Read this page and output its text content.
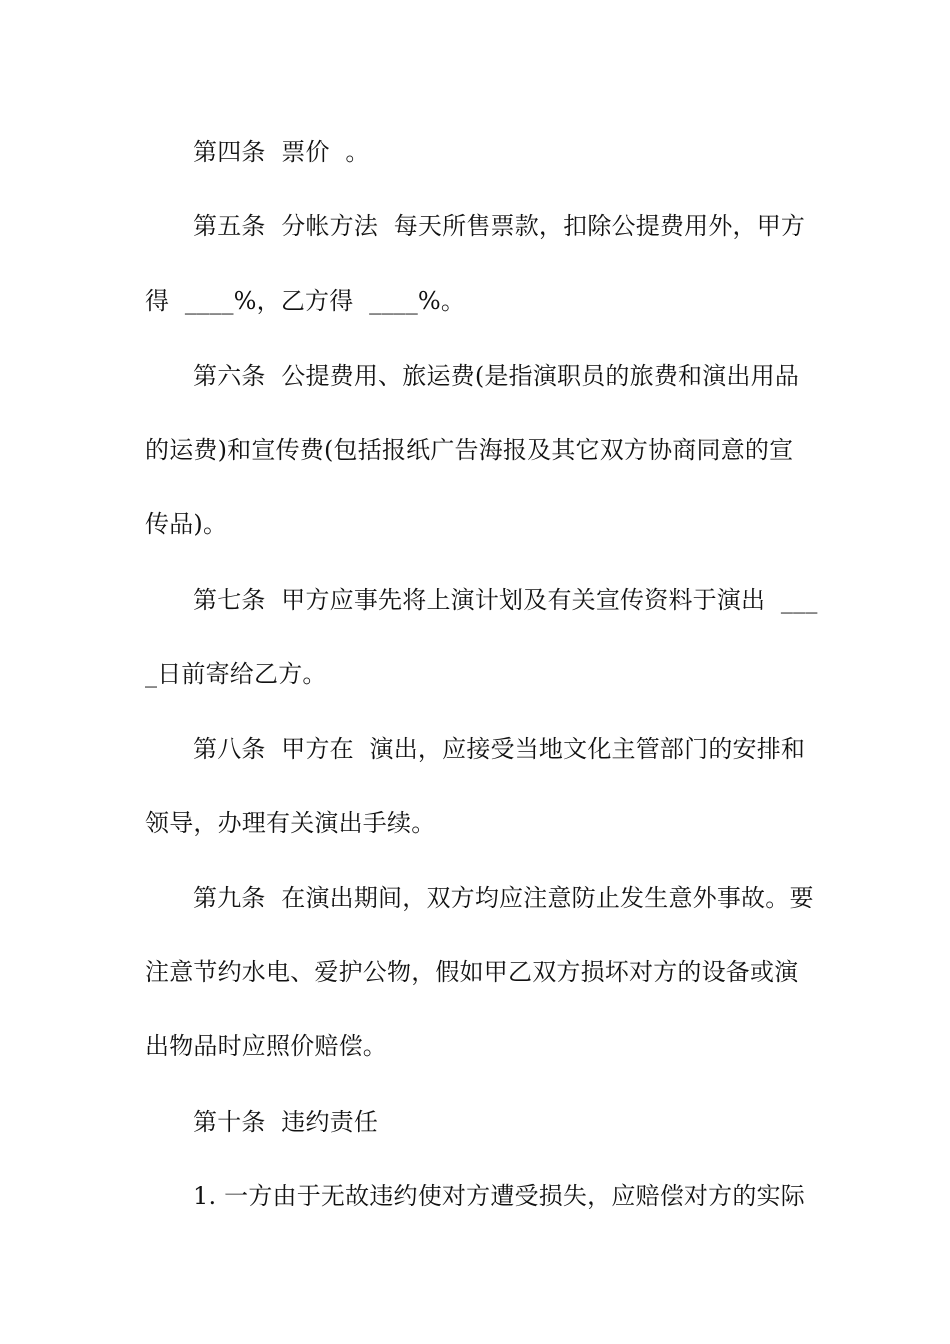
第四条  票价  。
第五条  分帐方法  每天所售票款，扣除公提费用外，甲方
得  ____%，乙方得  ____%。
第六条  公提费用、旅运费(是指演职员的旅费和演出用品
的运费)和宣传费(包括报纸广告海报及其它双方协商同意的宣
传品)。
第七条  甲方应事先将上演计划及有关宣传资料于演出  ___
_日前寄给乙方。
第八条  甲方在  演出，应接受当地文化主管部门的安排和
领导，办理有关演出手续。
第九条  在演出期间，双方均应注意防止发生意外事故。要
注意节约水电、爱护公物，假如甲乙双方损坏对方的设备或演
出物品时应照价赔偿。
第十条  违约责任
1. 一方由于无故违约使对方遭受损失，应赔偿对方的实际
